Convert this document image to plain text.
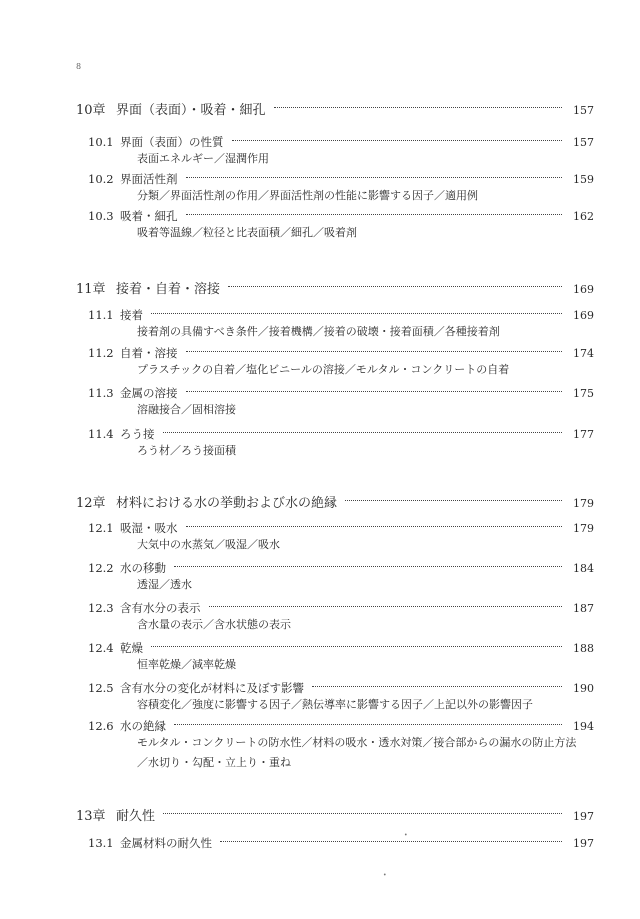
8
10章 界面（表面）・吸着・細孔	157
10.1 界面（表面）の性質	157
表面エネルギー／湿潤作用
10.2 界面活性剤	159
分類／界面活性剤の作用／界面活性剤の性能に影響する因子／適用例
10.3 吸着・細孔	162
吸着等温線／粒径と比表面積／細孔／吸着剤
11章 接着・自着・溶接	169
11.1 接着	169
接着剤の具備すべき条件／接着機構／接着の破壊・接着面積／各種接着剤
11.2 自着・溶接	174
プラスチックの自着／塩化ビニールの溶接／モルタル・コンクリートの自着
11.3 金属の溶接	175
溶融接合／固相溶接
11.4 ろう接	177
ろう材／ろう接面積
12章 材料における水の挙動および水の絶縁	179
12.1 吸湿・吸水	179
大気中の水蒸気／吸湿／吸水
12.2 水の移動	184
透湿／透水
12.3 含有水分の表示	187
含水量の表示／含水状態の表示
12.4 乾燥	188
恒率乾燥／減率乾燥
12.5 含有水分の変化が材料に及ぼす影響	190
容積変化／強度に影響する因子／熱伝導率に影響する因子／上記以外の影響因子
12.6 水の絶縁	194
モルタル・コンクリートの防水性／材料の吸水・透水対策／接合部からの漏水の防止方法／水切り・勾配・立上り・重ね
13章 耐久性	197
13.1 金属材料の耐久性	197
•
•
